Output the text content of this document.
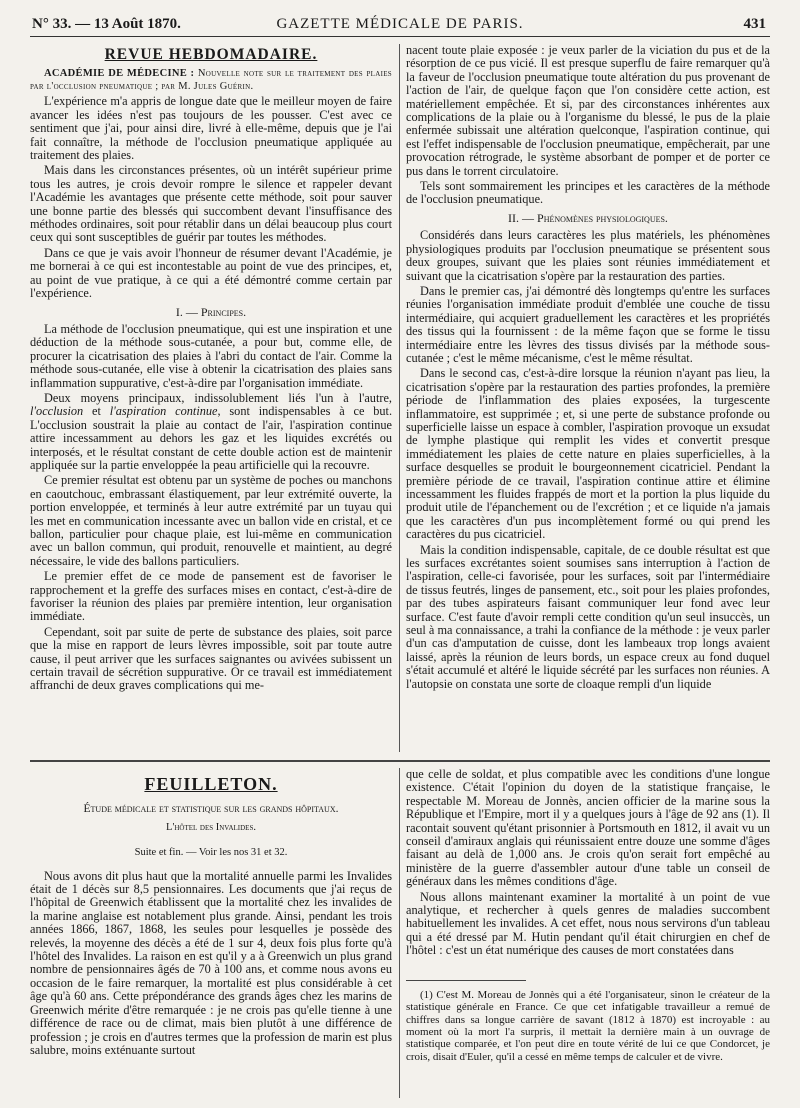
N° 33. — 13 Août 1870.	GAZETTE MÉDICALE DE PARIS.	431
REVUE HEBDOMADAIRE.

ACADÉMIE DE MÉDECINE : Nouvelle note sur le traitement des plaies par l'occlusion pneumatique ; par M. Jules Guérin.

L'expérience m'a appris de longue date que le meilleur moyen de faire avancer les idées n'est pas toujours de les pousser. C'est avec ce sentiment que j'ai, pour ainsi dire, livré à elle-même, depuis que je l'ai fait connaître, la méthode de l'occlusion pneumatique appliquée au traitement des plaies.

Mais dans les circonstances présentes, où un intérêt supérieur prime tous les autres, je crois devoir rompre le silence et rappeler devant l'Académie les avantages que présente cette méthode, soit pour sauver une bonne partie des blessés qui succombent devant l'insuffisance des méthodes ordinaires, soit pour rétablir dans un délai beaucoup plus court ceux qui sont susceptibles de guérir par toutes les méthodes.

Dans ce que je vais avoir l'honneur de résumer devant l'Académie, je me bornerai à ce qui est incontestable au point de vue des principes, et, au point de vue pratique, à ce qui a été démontré comme certain par l'expérience.

I. — Principes.

La méthode de l'occlusion pneumatique, qui est une inspiration et une déduction de la méthode sous-cutanée, a pour but, comme elle, de procurer la cicatrisation des plaies à l'abri du contact de l'air. Comme la méthode sous-cutanée, elle vise à obtenir la cicatrisation des plaies sans inflammation suppurative, c'est-à-dire par l'organisation immédiate.

Deux moyens principaux, indissolublement liés l'un à l'autre, l'occlusion et l'aspiration continue, sont indispensables à ce but. L'occlusion soustrait la plaie au contact de l'air, l'aspiration continue attire incessamment au dehors les gaz et les liquides excrétés ou interposés, et le résultat constant de cette double action est de maintenir appliquée sur la partie enveloppée la peau artificielle qui la recouvre.

Ce premier résultat est obtenu par un système de poches ou manchons en caoutchouc, embrassant élastiquement, par leur extrémité ouverte, la portion enveloppée, et terminés à leur autre extrémité par un tuyau qui les met en communication incessante avec un ballon vide en cristal, et ce ballon, particulier pour chaque plaie, est lui-même en communication avec un ballon commun, qui produit, renouvelle et maintient, au degré nécessaire, le vide des ballons particuliers.

Le premier effet de ce mode de pansement est de favoriser le rapprochement et la greffe des surfaces mises en contact, c'est-à-dire de favoriser la réunion des plaies par première intention, leur organisation immédiate.

Cependant, soit par suite de perte de substance des plaies, soit parce que la mise en rapport de leurs lèvres impossible, soit par toute autre cause, il peut arriver que les surfaces saignantes ou avivées subissent un certain travail de sécrétion suppurative. Or ce travail est immédiatement affranchi de deux graves complications qui me-

nacent toute plaie exposée : je veux parler de la viciation du pus et de la résorption de ce pus vicié. Il est presque superflu de faire remarquer qu'à la faveur de l'occlusion pneumatique toute altération du pus provenant de l'action de l'air, de quelque façon que l'on considère cette action, est matériellement empêchée. Et si, par des circonstances inhérentes aux complications de la plaie ou à l'organisme du blessé, le pus de la plaie enfermée subissait une altération quelconque, l'aspiration continue, qui est l'effet indispensable de l'occlusion pneumatique, empêcherait, par une provocation rétrograde, le système absorbant de pomper et de porter ce pus dans le torrent circulatoire.

Tels sont sommairement les principes et les caractères de la méthode de l'occlusion pneumatique.

II. — Phénomènes physiologiques.

Considérés dans leurs caractères les plus matériels, les phénomènes physiologiques produits par l'occlusion pneumatique se présentent sous deux groupes, suivant que les plaies sont réunies immédiatement et suivant que la cicatrisation s'opère par la restauration des parties.

Dans le premier cas, j'ai démontré dès longtemps qu'entre les surfaces réunies l'organisation immédiate produit d'emblée une couche de tissu intermédiaire, qui acquiert graduellement les caractères et les propriétés des tissus qui la fournissent : de la même façon que se forme le tissu intermédiaire entre les lèvres des tissus divisés par la méthode sous-cutanée ; c'est le même mécanisme, c'est le même résultat.

Dans le second cas, c'est-à-dire lorsque la réunion n'ayant pas lieu, la cicatrisation s'opère par la restauration des parties profondes, la première période de l'inflammation des plaies exposées, la turgescente inflammatoire, est supprimée ; et, si une perte de substance profonde ou superficielle laisse un espace à combler, l'aspiration provoque un exsudat de lymphe plastique qui remplit les vides et convertit presque immédiatement les plaies de cette nature en plaies superficielles, à la surface desquelles se produit le bourgeonnement cicatriciel. Pendant la première période de ce travail, l'aspiration continue attire et élimine incessamment les fluides frappés de mort et la portion la plus liquide du produit utile de l'épanchement ou de l'excrétion ; et ce liquide n'a jamais que les caractères d'un pus incomplètement formé ou qui prend les caractères du pus cicatriciel.

Mais la condition indispensable, capitale, de ce double résultat est que les surfaces excrétantes soient soumises sans interruption à l'action de l'aspiration, celle-ci favorisée, pour les surfaces, soit par l'intermédiaire de tissus feutrés, linges de pansement, etc., soit pour les plaies profondes, par des tubes aspirateurs faisant communiquer leur fond avec leur surface. C'est faute d'avoir rempli cette condition qu'un seul insuccès, un seul à ma connaissance, a trahi la confiance de la méthode : je veux parler d'un cas d'amputation de cuisse, dont les lambeaux trop longs avaient laissé, après la réunion de leurs bords, un espace creux au fond duquel s'était accumulé et altéré le liquide sécrété par les surfaces non réunies. A l'autopsie on constata une sorte de cloaque rempli d'un liquide

FEUILLETON.
Étude médicale et statistique sur les grands hôpitaux.
L'hôtel des Invalides.
Suite et fin. — Voir les nos 31 et 32.

Nous avons dit plus haut que la mortalité annuelle parmi les Invalides était de 1 décès sur 8,5 pensionnaires. Les documents que j'ai reçus de l'hôpital de Greenwich établissent que la mortalité chez les invalides de la marine anglaise est notablement plus grande. Ainsi, pendant les trois années 1866, 1867, 1868, les seules pour lesquelles je possède des relevés, la moyenne des décès a été de 1 sur 4, deux fois plus forte qu'à l'hôtel des Invalides. La raison en est qu'il y a à Greenwich un plus grand nombre de pensionnaires âgés de 70 à 100 ans, et comme nous avons eu occasion de le faire remarquer, la mortalité est plus considérable à cet âge qu'à 60 ans. Cette prépondérance des grands âges chez les marins de Greenwich mérite d'être remarquée : je ne crois pas qu'elle tienne à une différence de race ou de climat, mais bien plutôt à une différence de profession ; je crois en d'autres termes que la profession de marin est plus salubre, moins exténuante surtout

que celle de soldat, et plus compatible avec les conditions d'une longue existence. C'était l'opinion du doyen de la statistique française, le respectable M. Moreau de Jonnès, ancien officier de la marine sous la République et l'Empire, mort il y a quelques jours à l'âge de 92 ans (1). Il racontait souvent qu'étant prisonnier à Portsmouth en 1812, il avait vu un conseil d'amiraux anglais qui réunissaient entre douze une somme d'âges faisant au delà de 1,000 ans. Je crois qu'on serait fort empêché au ministère de la guerre d'assembler autour d'une table un conseil de généraux dans les mêmes conditions d'âge.

Nous allons maintenant examiner la mortalité à un point de vue analytique, et rechercher à quels genres de maladies succombent habituellement les invalides. A cet effet, nous nous servirons d'un tableau qui a été dressé par M. Hutin pendant qu'il était chirurgien en chef de l'hôtel : c'est un état numérique des causes de mort constatées dans

(1) C'est M. Moreau de Jonnès qui a été l'organisateur, sinon le créateur de la statistique générale en France. Ce que cet infatigable travailleur a remué de chiffres dans sa longue carrière de savant (1812 à 1870) est incroyable : au moment où la mort l'a surpris, il mettait la dernière main à un ouvrage de statistique comparée, et l'on peut dire en toute vérité de lui ce que Condorcet, je crois, disait d'Euler, qu'il a cessé en même temps de calculer et de vivre.
